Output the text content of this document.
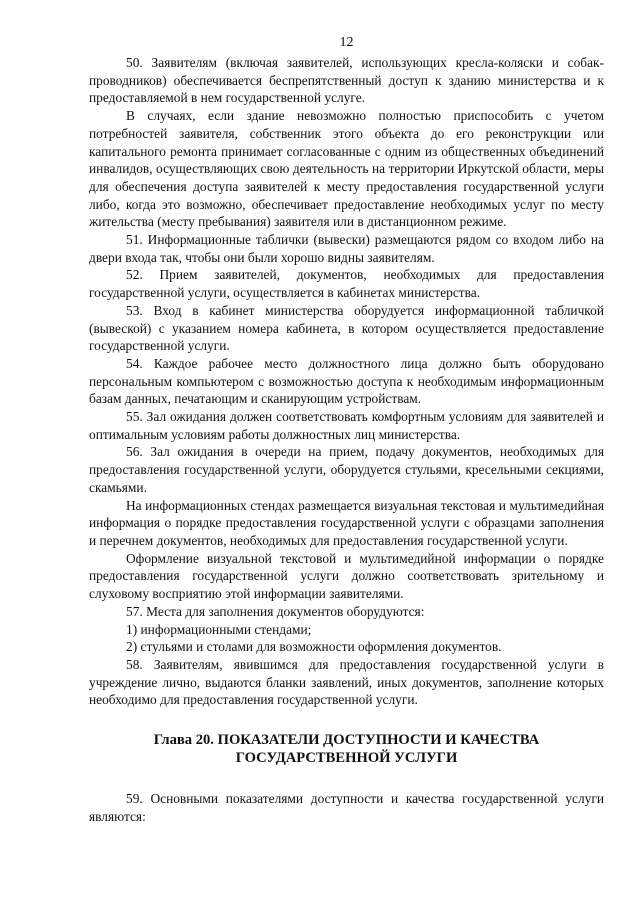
12

50. Заявителям (включая заявителей, использующих кресла-коляски и собак-проводников) обеспечивается беспрепятственный доступ к зданию министерства и к предоставляемой в нем государственной услуге.

В случаях, если здание невозможно полностью приспособить с учетом потребностей заявителя, собственник этого объекта до его реконструкции или капитального ремонта принимает согласованные с одним из общественных объединений инвалидов, осуществляющих свою деятельность на территории Иркутской области, меры для обеспечения доступа заявителей к месту предоставления государственной услуги либо, когда это возможно, обеспечивает предоставление необходимых услуг по месту жительства (месту пребывания) заявителя или в дистанционном режиме.

51. Информационные таблички (вывески) размещаются рядом со входом либо на двери входа так, чтобы они были хорошо видны заявителям.

52. Прием заявителей, документов, необходимых для предоставления государственной услуги, осуществляется в кабинетах министерства.

53. Вход в кабинет министерства оборудуется информационной табличкой (вывеской) с указанием номера кабинета, в котором осуществляется предоставление государственной услуги.

54. Каждое рабочее место должностного лица должно быть оборудовано персональным компьютером с возможностью доступа к необходимым информационным базам данных, печатающим и сканирующим устройствам.

55. Зал ожидания должен соответствовать комфортным условиям для заявителей и оптимальным условиям работы должностных лиц министерства.

56. Зал ожидания в очереди на прием, подачу документов, необходимых для предоставления государственной услуги, оборудуется стульями, кресельными секциями, скамьями.

На информационных стендах размещается визуальная текстовая и мультимедийная информация о порядке предоставления государственной услуги с образцами заполнения и перечнем документов, необходимых для предоставления государственной услуги.

Оформление визуальной текстовой и мультимедийной информации о порядке предоставления государственной услуги должно соответствовать зрительному и слуховому восприятию этой информации заявителями.

57. Места для заполнения документов оборудуются:

1) информационными стендами;

2) стульями и столами для возможности оформления документов.

58. Заявителям, явившимся для предоставления государственной услуги в учреждение лично, выдаются бланки заявлений, иных документов, заполнение которых необходимо для предоставления государственной услуги.

Глава 20. ПОКАЗАТЕЛИ ДОСТУПНОСТИ И КАЧЕСТВА
ГОСУДАРСТВЕННОЙ УСЛУГИ

59. Основными показателями доступности и качества государственной услуги являются:
